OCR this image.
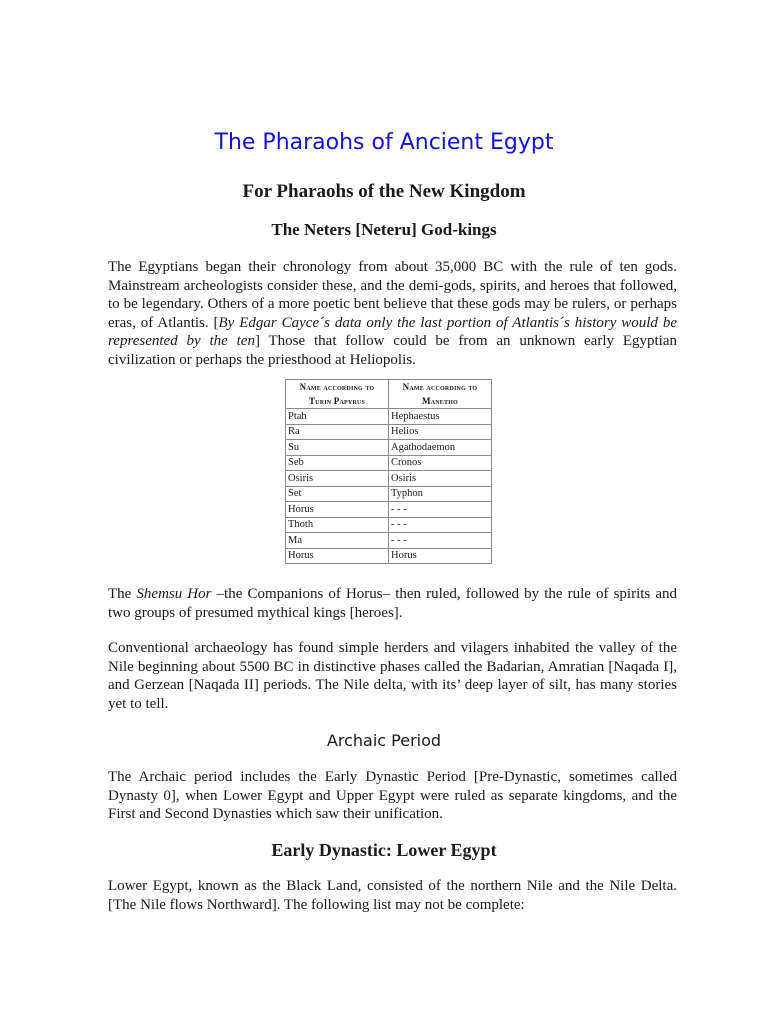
The Pharaohs of Ancient Egypt
For Pharaohs of the New Kingdom
The Neters [Neteru] God-kings

The Egyptians began their chronology from about 35,000 BC with the rule of ten gods. Mainstream archeologists consider these, and the demi-gods, spirits, and heroes that followed, to be legendary. Others of a more poetic bent believe that these gods may be rulers, or perhaps eras, of Atlantis. [By Edgar Cayce´s data only the last portion of Atlantis´s history would be represented by the ten] Those that follow could be from an unknown early Egyptian civilization or perhaps the priesthood at Heliopolis.

Name according to Turin Papyrus	Name according to Manetho
Ptah	Hephaestus
Ra	Helios
Su	Agathodaemon
Seb	Cronos
Osiris	Osiris
Set	Typhon
Horus	- - -
Thoth	- - -
Ma	- - -
Horus	Horus

The Shemsu Hor –the Companions of Horus– then ruled, followed by the rule of spirits and two groups of presumed mythical kings [heroes].

Conventional archaeology has found simple herders and vilagers inhabited the valley of the Nile beginning about 5500 BC in distinctive phases called the Badarian, Amratian [Naqada I], and Gerzean [Naqada II] periods. The Nile delta, with its’ deep layer of silt, has many stories yet to tell.

Archaic Period

The Archaic period includes the Early Dynastic Period [Pre-Dynastic, sometimes called Dynasty 0], when Lower Egypt and Upper Egypt were ruled as separate kingdoms, and the First and Second Dynasties which saw their unification.

Early Dynastic: Lower Egypt

Lower Egypt, known as the Black Land, consisted of the northern Nile and the Nile Delta. [The Nile flows Northward]. The following list may not be complete:
